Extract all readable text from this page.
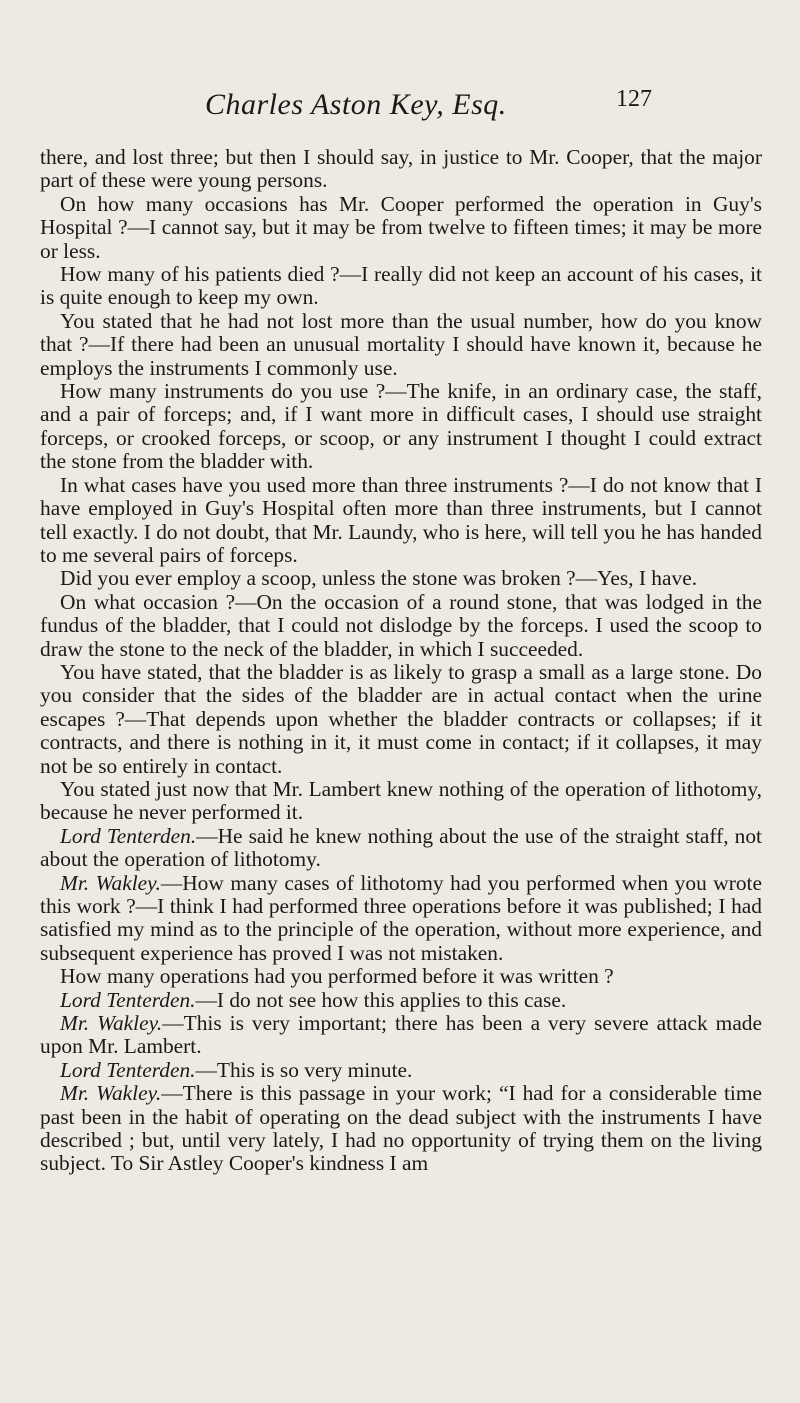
Charles Aston Key, Esq.	127

there, and lost three; but then I should say, in justice to Mr. Cooper, that the major part of these were young persons.

On how many occasions has Mr. Cooper performed the operation in Guy's Hospital ?—I cannot say, but it may be from twelve to fifteen times; it may be more or less.

How many of his patients died ?—I really did not keep an account of his cases, it is quite enough to keep my own.

You stated that he had not lost more than the usual number, how do you know that ?—If there had been an unusual mortality I should have known it, because he employs the instruments I commonly use.

How many instruments do you use ?—The knife, in an ordinary case, the staff, and a pair of forceps; and, if I want more in difficult cases, I should use straight forceps, or crooked forceps, or scoop, or any instrument I thought I could extract the stone from the bladder with.

In what cases have you used more than three instruments ?—I do not know that I have employed in Guy's Hospital often more than three instruments, but I cannot tell exactly. I do not doubt, that Mr. Laundy, who is here, will tell you he has handed to me several pairs of forceps.

Did you ever employ a scoop, unless the stone was broken ?—Yes, I have.

On what occasion ?—On the occasion of a round stone, that was lodged in the fundus of the bladder, that I could not dislodge by the forceps. I used the scoop to draw the stone to the neck of the bladder, in which I succeeded.

You have stated, that the bladder is as likely to grasp a small as a large stone. Do you consider that the sides of the bladder are in actual contact when the urine escapes ?—That depends upon whether the bladder contracts or collapses; if it contracts, and there is nothing in it, it must come in contact; if it collapses, it may not be so entirely in contact.

You stated just now that Mr. Lambert knew nothing of the operation of lithotomy, because he never performed it.

Lord Tenterden.—He said he knew nothing about the use of the straight staff, not about the operation of lithotomy.

Mr. Wakley.—How many cases of lithotomy had you performed when you wrote this work ?—I think I had performed three operations before it was published; I had satisfied my mind as to the principle of the operation, without more experience, and subsequent experience has proved I was not mistaken.

How many operations had you performed before it was written ?

Lord Tenterden.—I do not see how this applies to this case.

Mr. Wakley.—This is very important; there has been a very severe attack made upon Mr. Lambert.

Lord Tenterden.—This is so very minute.

Mr. Wakley.—There is this passage in your work; “I had for a considerable time past been in the habit of operating on the dead subject with the instruments I have described ; but, until very lately, I had no opportunity of trying them on the living subject. To Sir Astley Cooper's kindness I am
